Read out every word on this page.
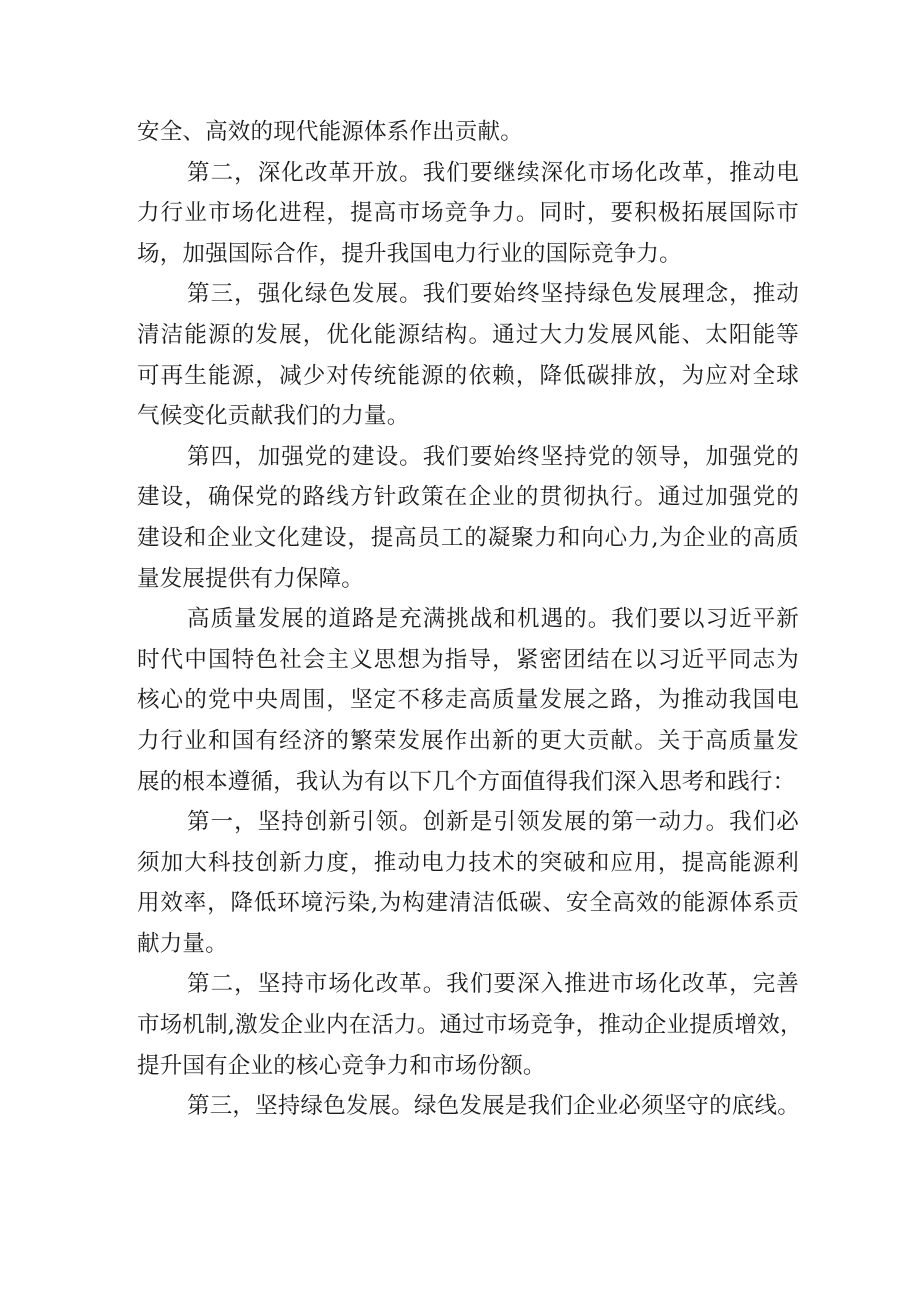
安全、高效的现代能源体系作出贡献。
第二，深化改革开放。我们要继续深化市场化改革，推动电
力行业市场化进程，提高市场竞争力。同时，要积极拓展国际市
场，加强国际合作，提升我国电力行业的国际竞争力。
第三，强化绿色发展。我们要始终坚持绿色发展理念，推动
清洁能源的发展，优化能源结构。通过大力发展风能、太阳能等
可再生能源，减少对传统能源的依赖，降低碳排放，为应对全球
气候变化贡献我们的力量。
第四，加强党的建设。我们要始终坚持党的领导，加强党的
建设，确保党的路线方针政策在企业的贯彻执行。通过加强党的
建设和企业文化建设，提高员工的凝聚力和向心力,为企业的高质
量发展提供有力保障。
高质量发展的道路是充满挑战和机遇的。我们要以习近平新
时代中国特色社会主义思想为指导，紧密团结在以习近平同志为
核心的党中央周围，坚定不移走高质量发展之路，为推动我国电
力行业和国有经济的繁荣发展作出新的更大贡献。关于高质量发
展的根本遵循，我认为有以下几个方面值得我们深入思考和践行：
第一，坚持创新引领。创新是引领发展的第一动力。我们必
须加大科技创新力度，推动电力技术的突破和应用，提高能源利
用效率，降低环境污染,为构建清洁低碳、安全高效的能源体系贡
献力量。
第二，坚持市场化改革。我们要深入推进市场化改革，完善
市场机制,激发企业内在活力。通过市场竞争，推动企业提质增效，
提升国有企业的核心竞争力和市场份额。
第三，坚持绿色发展。绿色发展是我们企业必须坚守的底线。
